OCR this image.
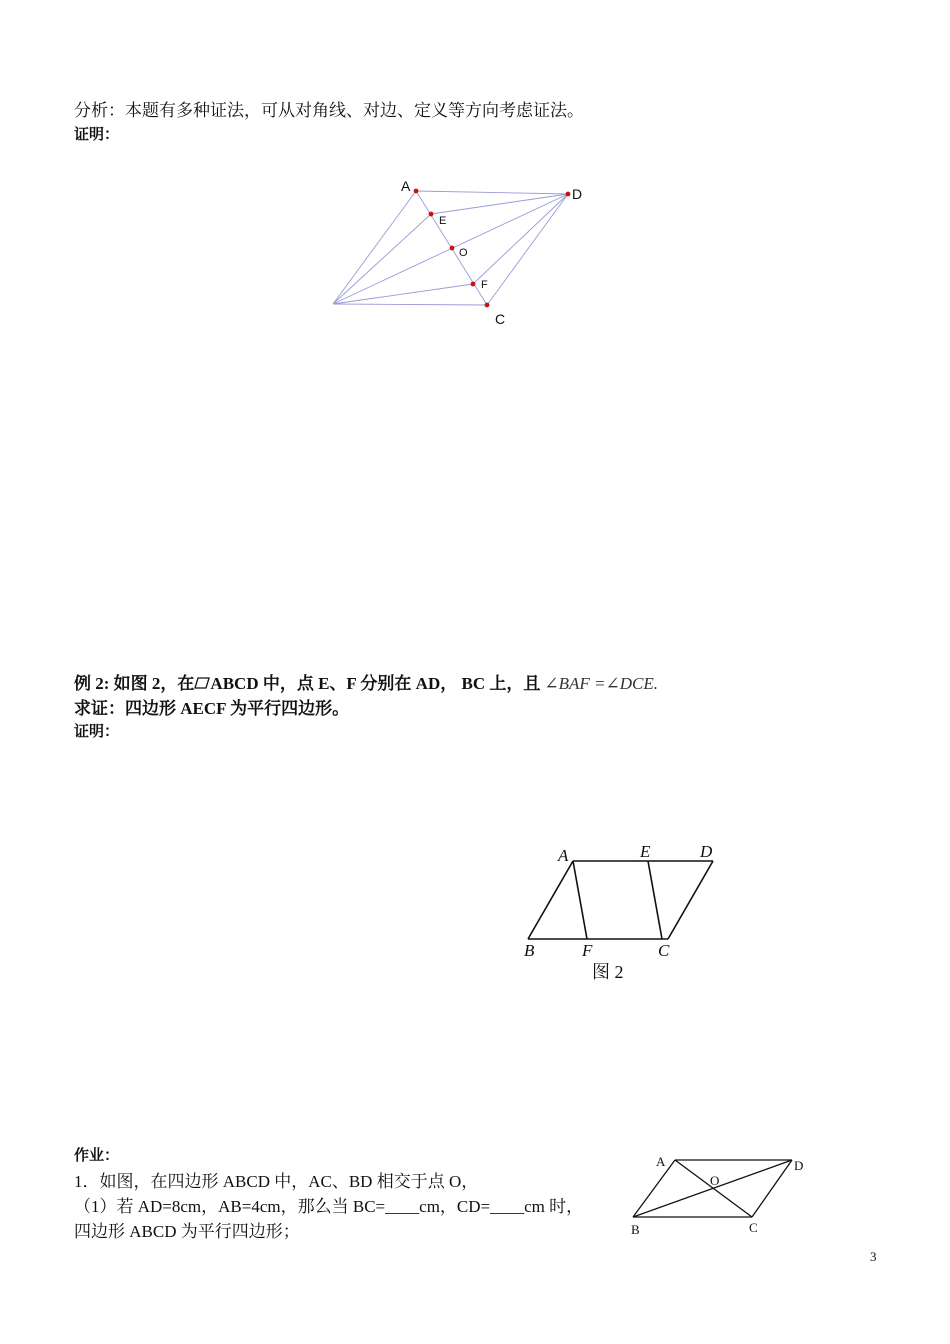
分析：本题有多种证法，可从对角线、对边、定义等方向考虑证法。
证明：
A	D
E
O
F
C
例 2: 如图 2，在 ABCD 中，点 E、F 分别在 AD， BC 上，且 ∠BAF =∠DCE.
求证：四边形 AECF 为平行四边形。
证明：
A	E	D
B	F	C
图 2
作业：
1．如图，在四边形 ABCD 中，AC、BD 相交于点 O，
（1）若 AD=8cm，AB=4cm，那么当 BC=____cm，CD=____cm 时，
四边形 ABCD 为平行四边形；
A	D
O
B	C
3
